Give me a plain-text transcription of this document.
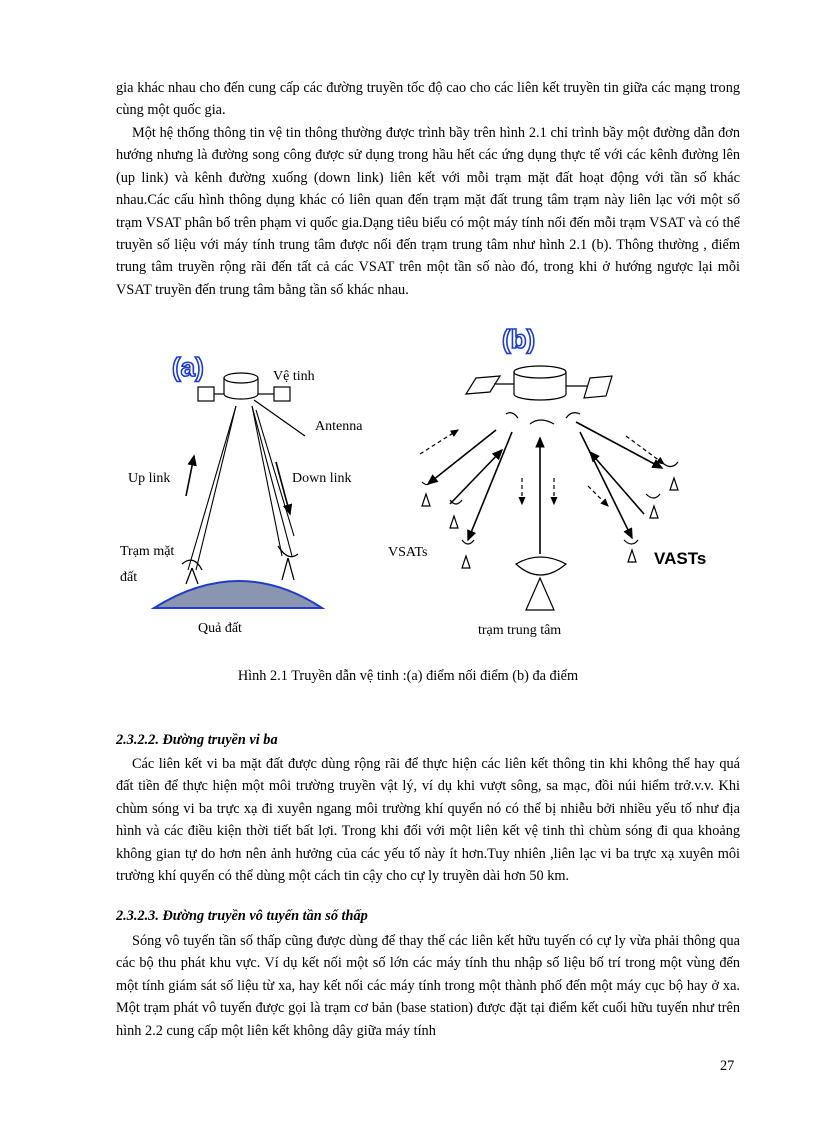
gia khác nhau cho đến cung cấp các đường truyền tốc độ cao cho các liên kết truyền tin giữa các mạng trong cùng một quốc gia.

Một hệ thống thông tin vệ tin thông thường được trình bầy trên hình 2.1 chỉ trình bầy một đường dẫn đơn hướng nhưng là đường song công được sử dụng trong hầu hết các ứng dụng thực tế với các kênh đường lên (up link) và kênh đường xuống (down link) liên kết với mỗi trạm mặt đất hoạt động với tần số khác nhau.Các cấu hình thông dụng khác có liên quan đến trạm mặt đất trung tâm trạm này liên lạc với một số trạm VSAT phân bố trên phạm vi quốc gia.Dạng tiêu biểu có một máy tính nối đến mỗi trạm VSAT và có thể truyền số liệu với máy tính trung tâm được nối đến trạm trung tâm như hình 2.1 (b). Thông thường , điểm trung tâm truyền rộng rãi đến tất cả các VSAT trên một tần số nào đó, trong khi ở hướng ngược lại mỗi VSAT truyền đến trung tâm bằng tần số khác nhau.

(a)	Vệ tinh
Antenna
Up link	Down link
Trạm mặt
đất
Quả đất
(b)
VSATs	VASTs
trạm trung tâm
Hình 2.1 Truyền dẫn vệ tinh :(a) điểm nối điểm (b) đa điểm

2.3.2.2. Đường truyền vi ba

Các liên kết vi ba mặt đất được dùng rộng rãi để thực hiện các liên kết thông tin khi không thể hay quá đất tiền để thực hiện một môi trường truyền vật lý, ví dụ khi vượt sông, sa mạc, đồi núi hiểm trở.v.v. Khi chùm sóng vi ba trực xạ đi xuyên ngang môi trường khí quyển nó có thể bị nhiễu bởi nhiều yếu tố như địa hình và các điều kiện thời tiết bất lợi. Trong khi đối với một liên kết vệ tinh thì chùm sóng đi qua khoảng không gian tự do hơn nên ảnh hưởng của các yếu tố này ít hơn.Tuy nhiên ,liên lạc vi ba trực xạ xuyên môi trường khí quyển có thể dùng một cách tin cậy cho cự ly truyền dài hơn 50 km.

2.3.2.3. Đường truyền vô tuyến tần số thấp

Sóng vô tuyến tần số thấp cũng được dùng để thay thế các liên kết hữu tuyến có cự ly vừa phải thông qua các bộ thu phát khu vực. Ví dụ kết nối một số lớn các máy tính thu nhập số liệu bố trí trong một vùng đến một tính giám sát số liệu từ xa, hay kết nối các máy tính trong một thành phố đến một máy cục bộ hay ở xa. Một trạm phát vô tuyến được gọi là trạm cơ bản (base station) được đặt tại điểm kết cuối hữu tuyến như trên hình 2.2 cung cấp một liên kết không dây giữa máy tính

27
